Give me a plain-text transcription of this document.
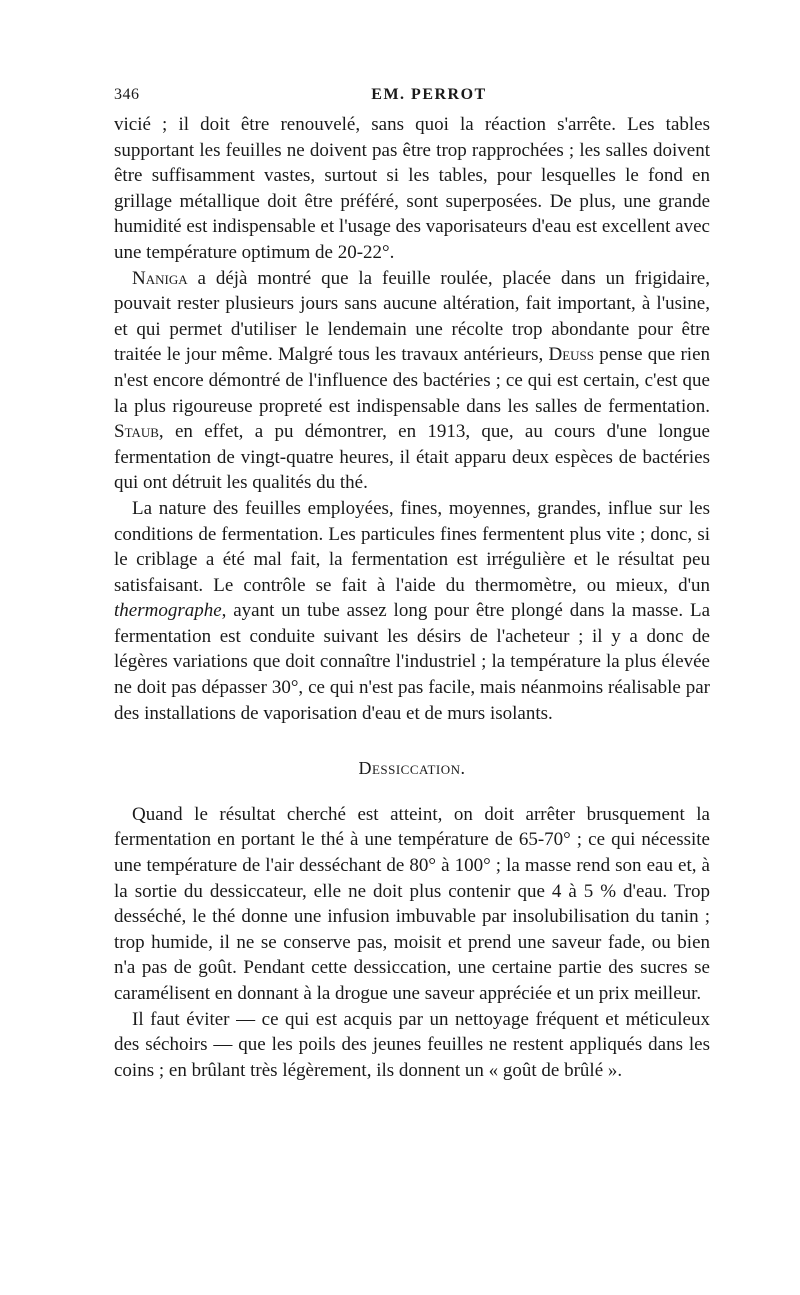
346	EM. PERROT

vicié ; il doit être renouvelé, sans quoi la réaction s'arrête. Les tables supportant les feuilles ne doivent pas être trop rapprochées ; les salles doivent être suffisamment vastes, surtout si les tables, pour lesquelles le fond en grillage métallique doit être préféré, sont superposées. De plus, une grande humidité est indispensable et l'usage des vaporisateurs d'eau est excellent avec une température optimum de 20-22°.

Naniga a déjà montré que la feuille roulée, placée dans un frigidaire, pouvait rester plusieurs jours sans aucune altération, fait important, à l'usine, et qui permet d'utiliser le lendemain une récolte trop abondante pour être traitée le jour même. Malgré tous les travaux antérieurs, Deuss pense que rien n'est encore démontré de l'influence des bactéries ; ce qui est certain, c'est que la plus rigoureuse propreté est indispensable dans les salles de fermentation. Staub, en effet, a pu démontrer, en 1913, que, au cours d'une longue fermentation de vingt-quatre heures, il était apparu deux espèces de bactéries qui ont détruit les qualités du thé.

La nature des feuilles employées, fines, moyennes, grandes, influe sur les conditions de fermentation. Les particules fines fermentent plus vite ; donc, si le criblage a été mal fait, la fermentation est irrégulière et le résultat peu satisfaisant. Le contrôle se fait à l'aide du thermomètre, ou mieux, d'un thermographe, ayant un tube assez long pour être plongé dans la masse. La fermentation est conduite suivant les désirs de l'acheteur ; il y a donc de légères variations que doit connaître l'industriel ; la température la plus élevée ne doit pas dépasser 30°, ce qui n'est pas facile, mais néanmoins réalisable par des installations de vaporisation d'eau et de murs isolants.

Dessiccation.

Quand le résultat cherché est atteint, on doit arrêter brusquement la fermentation en portant le thé à une température de 65-70° ; ce qui nécessite une température de l'air desséchant de 80° à 100° ; la masse rend son eau et, à la sortie du dessiccateur, elle ne doit plus contenir que 4 à 5 % d'eau. Trop desséché, le thé donne une infusion imbuvable par insolubilisation du tanin ; trop humide, il ne se conserve pas, moisit et prend une saveur fade, ou bien n'a pas de goût. Pendant cette dessiccation, une certaine partie des sucres se caramélisent en donnant à la drogue une saveur appréciée et un prix meilleur.

Il faut éviter — ce qui est acquis par un nettoyage fréquent et méticuleux des séchoirs — que les poils des jeunes feuilles ne restent appliqués dans les coins ; en brûlant très légèrement, ils donnent un « goût de brûlé ».
